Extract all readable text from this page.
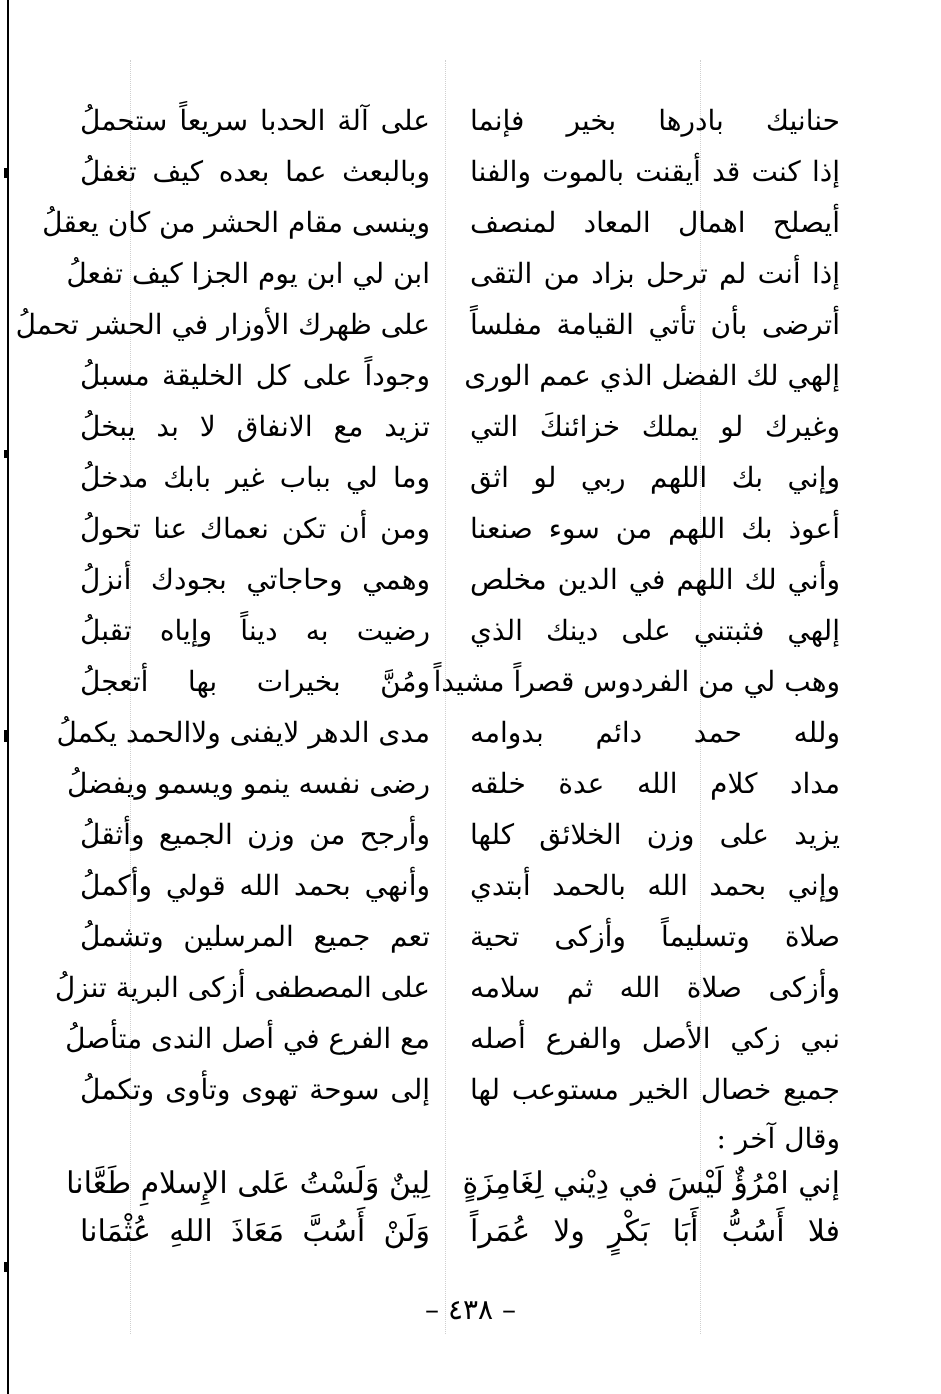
حنانيك بادرها بخير فإنما
على آلة الحدبا سريعاً ستحملُ
إذا كنت قد أيقنت بالموت والفنا
وبالبعث عما بعده كيف تغفلُ
أيصلح اهمال المعاد لمنصف
وينسى مقام الحشر من كان يعقلُ
إذا أنت لم ترحل بزاد من التقى
ابن لي ابن يوم الجزا كيف تفعلُ
أترضى بأن تأتي القيامة مفلساً
على ظهرك الأوزار في الحشر تحملُ
إلهي لك الفضل الذي عمم الورى
وجوداً على كل الخليقة مسبلُ
وغيرك لو يملك خزائنكَ التي
تزيد مع الانفاق لا بد يبخلُ
وإني بك اللهم ربي لو اثق
وما لي بباب غير بابك مدخلُ
أعوذ بك اللهم من سوء صنعنا
ومن أن تكن نعماك عنا تحولُ
وأني لك اللهم في الدين مخلص
وهمي وحاجاتي بجودك أنزلُ
إلهي فثبتني على دينك الذي
رضيت به ديناً وإياه تقبلُ
وهب لي من الفردوس قصراً مشيداً
ومُنَّ بخيرات بها أتعجلُ
ولله حمد دائم بدوامه
مدى الدهر لايفنى ولاالحمد يكملُ
مداد كلام الله عدة خلقه
رضى نفسه ينمو ويسمو ويفضلُ
يزيد على وزن الخلائق كلها
وأرجح من وزن الجميع وأثقلُ
وإني بحمد الله بالحمد أبتدي
وأنهي بحمد الله قولي وأكملُ
صلاة وتسليماً وأزكى تحية
تعم جميع المرسلين وتشملُ
وأزكى صلاة الله ثم سلامه
على المصطفى أزكى البرية تنزلُ
نبي زكي الأصل والفرع أصله
مع الفرع في أصل الندى متأصلُ
جميع خصال الخير مستوعب لها
إلى سوحة تهوى وتأوى وتكملُ
وقال آخر :
إني امْرُؤٌ لَيْسَ في دِيْني لِغَامِزَةٍ
لِينٌ وَلَسْتُ عَلى الإِسلامِ طَعَّانا
فلا أَسُبُّ أَبَا بَكْرٍ ولا عُمَراً
وَلَنْ أَسُبَّ مَعَاذَ اللهِ عُثْمَانا
– ٤٣٨ –
